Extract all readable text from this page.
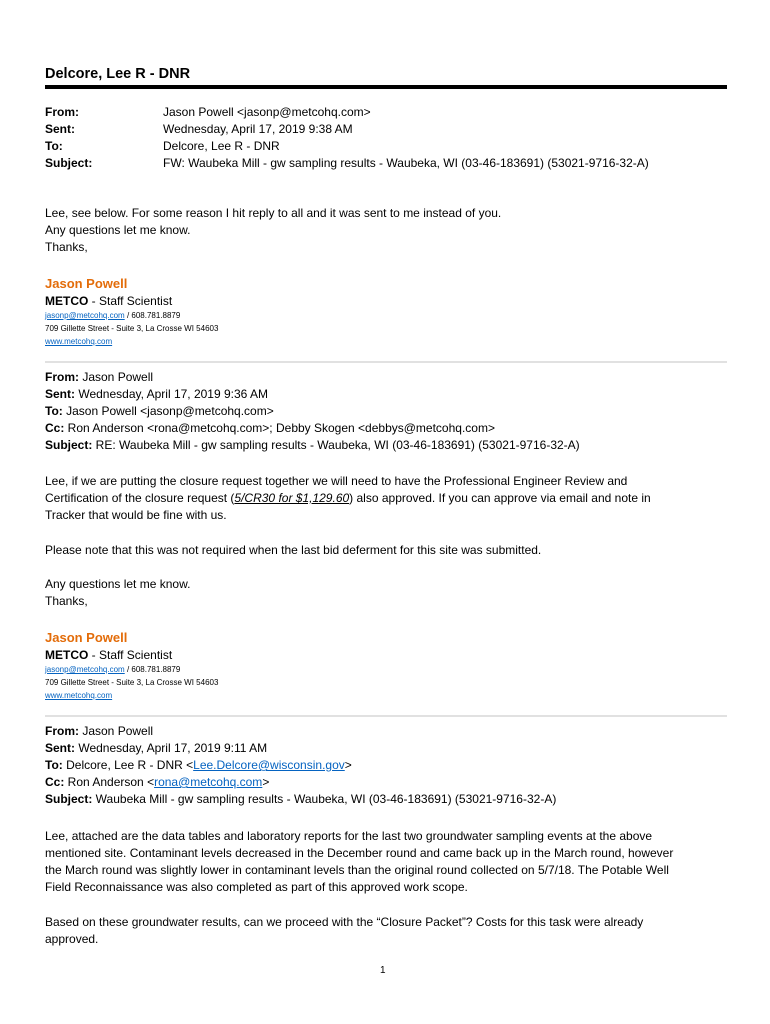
Delcore, Lee R - DNR
From:	Jason Powell <jasonp@metcohq.com>
Sent:	Wednesday, April 17, 2019 9:38 AM
To:	Delcore, Lee R - DNR
Subject:	FW: Waubeka Mill - gw sampling results - Waubeka, WI (03-46-183691) (53021-9716-32-A)

Lee, see below. For some reason I hit reply to all and it was sent to me instead of you.

Any questions let me know.

Thanks,

Jason Powell
METCO - Staff Scientist
jasonp@metcohq.com / 608.781.8879
709 Gillette Street - Suite 3, La Crosse WI 54603
www.metcohq.com

From: Jason Powell

Sent: Wednesday, April 17, 2019 9:36 AM

To: Jason Powell <jasonp@metcohq.com>

Cc: Ron Anderson <rona@metcohq.com>; Debby Skogen <debbys@metcohq.com>

Subject: RE: Waubeka Mill - gw sampling results - Waubeka, WI (03-46-183691) (53021-9716-32-A)

Lee, if we are putting the closure request together we will need to have the Professional Engineer Review and

Certification of the closure request (5/CR30 for $1,129.60) also approved. If you can approve via email and note in

Tracker that would be fine with us.

Please note that this was not required when the last bid deferment for this site was submitted.

Any questions let me know.

Thanks,

Jason Powell
METCO - Staff Scientist
jasonp@metcohq.com / 608.781.8879
709 Gillette Street - Suite 3, La Crosse WI 54603
www.metcohq.com

From: Jason Powell

Sent: Wednesday, April 17, 2019 9:11 AM

To: Delcore, Lee R - DNR <Lee.Delcore@wisconsin.gov>

Cc: Ron Anderson <rona@metcohq.com>

Subject: Waubeka Mill - gw sampling results - Waubeka, WI (03-46-183691) (53021-9716-32-A)

Lee, attached are the data tables and laboratory reports for the last two groundwater sampling events at the above

mentioned site. Contaminant levels decreased in the December round and came back up in the March round, however

the March round was slightly lower in contaminant levels than the original round collected on 5/7/18. The Potable Well

Field Reconnaissance was also completed as part of this approved work scope.

Based on these groundwater results, can we proceed with the “Closure Packet”? Costs for this task were already

approved.

1
